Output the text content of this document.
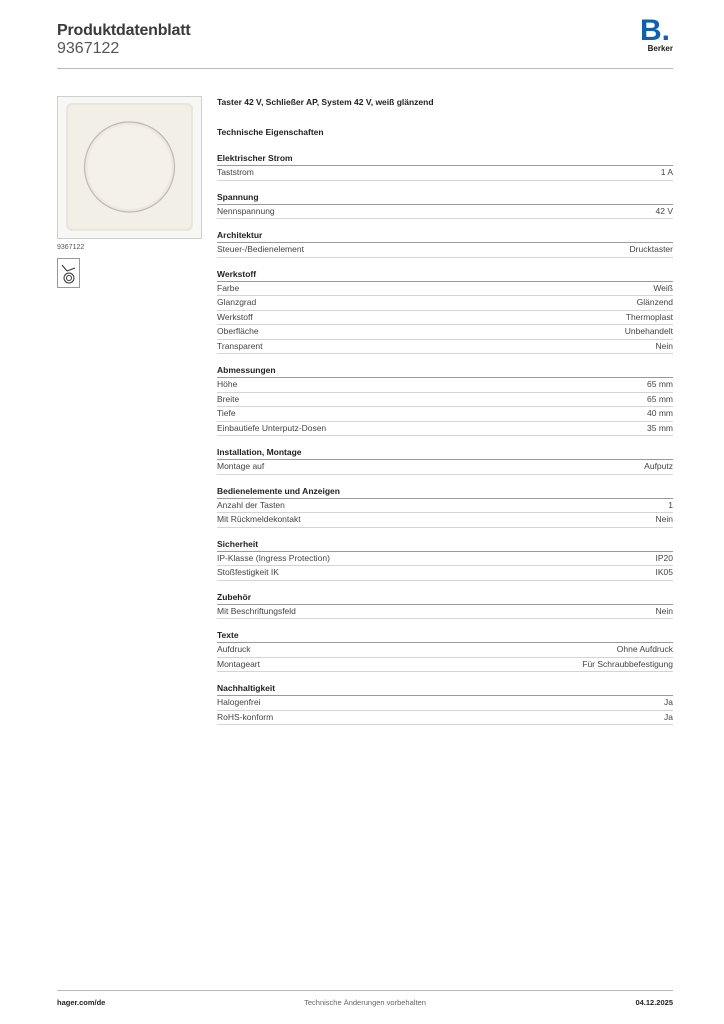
Produktdatenblatt
9367122
B.
Berker
9367122
Taster 42 V, Schließer AP, System 42 V, weiß glänzend
Technische Eigenschaften
Elektrischer Strom
Taststrom	1 A
Spannung
Nennspannung	42 V
Architektur
Steuer-/Bedienelement	Drucktaster
Werkstoff
Farbe	Weiß
Glanzgrad	Glänzend
Werkstoff	Thermoplast
Oberfläche	Unbehandelt
Transparent	Nein
Abmessungen
Höhe	65 mm
Breite	65 mm
Tiefe	40 mm
Einbautiefe Unterputz-Dosen	35 mm
Installation, Montage
Montage auf	Aufputz
Bedienelemente und Anzeigen
Anzahl der Tasten	1
Mit Rückmeldekontakt	Nein
Sicherheit
IP-Klasse (Ingress Protection)	IP20
Stoßfestigkeit IK	IK05
Zubehör
Mit Beschriftungsfeld	Nein
Texte
Aufdruck	Ohne Aufdruck
Montageart	Für Schraubbefestigung
Nachhaltigkeit
Halogenfrei	Ja
RoHS-konform	Ja
hager.com/de	Technische Änderungen vorbehalten	04.12.2025
